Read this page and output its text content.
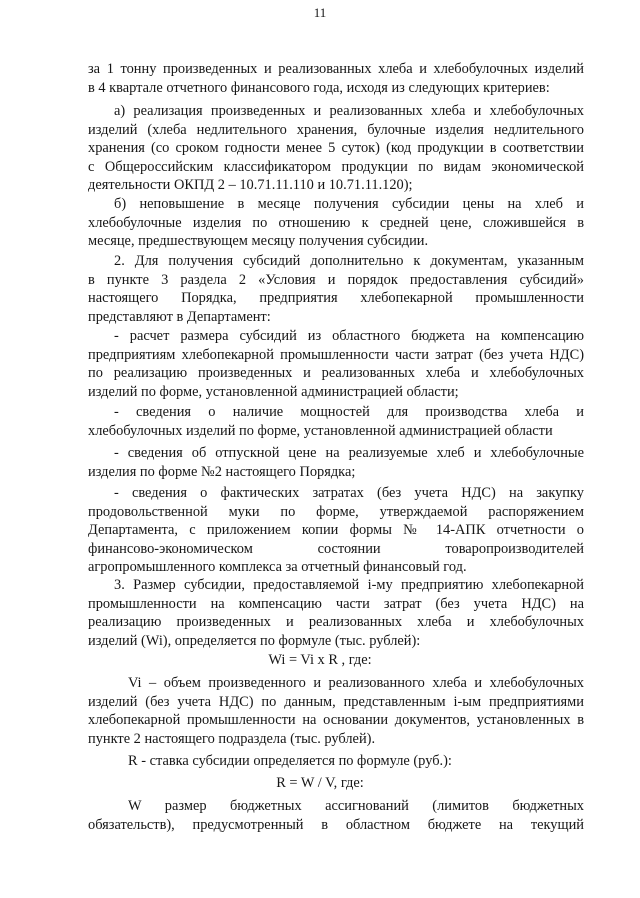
11
за 1 тонну произведенных и реализованных хлеба и хлебобулочных изделий
в 4 квартале отчетного финансового года, исходя из следующих критериев:
а) реализация произведенных и реализованных хлеба и хлебобулочных
изделий (хлеба недлительного хранения, булочные изделия недлительного
хранения (со сроком годности менее 5 суток) (код продукции в соответствии
с Общероссийским классификатором продукции по видам экономической
деятельности ОКПД 2 – 10.71.11.110 и 10.71.11.120);
б) неповышение в месяце получения субсидии цены на хлеб и
хлебобулочные изделия по отношению к средней цене, сложившейся в
месяце, предшествующем месяцу получения субсидии.
2. Для получения субсидий дополнительно к документам, указанным
в пункте 3 раздела 2 «Условия и порядок предоставления субсидий»
настоящего Порядка, предприятия хлебопекарной промышленности
представляют в Департамент:
- расчет размера субсидий из областного бюджета на компенсацию
предприятиям хлебопекарной промышленности части затрат (без учета НДС)
по реализацию произведенных и реализованных хлеба и хлебобулочных
изделий по форме, установленной администрацией области;
- сведения о наличие мощностей для производства хлеба и
хлебобулочных изделий по форме, установленной администрацией области
- сведения об отпускной цене на реализуемые хлеб и хлебобулочные
изделия по форме №2 настоящего Порядка;
- сведения о фактических затратах (без учета НДС) на закупку
продовольственной муки по форме, утверждаемой распоряжением
Департамента, с приложением копии формы № 14-АПК отчетности о
финансово-экономическом состоянии товаропроизводителей
агропромышленного комплекса за отчетный финансовый год.
3. Размер субсидии, предоставляемой i-му предприятию хлебопекарной
промышленности на компенсацию части затрат (без учета НДС) на
реализацию произведенных и реализованных хлеба и хлебобулочных
изделий (Wi), определяется по формуле (тыс. рублей):
Wi = Vi x R , где:
Vi – объем произведенного и реализованного хлеба и хлебобулочных
изделий (без учета НДС) по данным, представленным i-ым предприятиями
хлебопекарной промышленности на основании документов, установленных в
пункте 2 настоящего подраздела (тыс. рублей).
R - ставка субсидии определяется по формуле (руб.):
R = W / V, где:
W размер бюджетных ассигнований (лимитов бюджетных
обязательств), предусмотренный в областном бюджете на текущий
